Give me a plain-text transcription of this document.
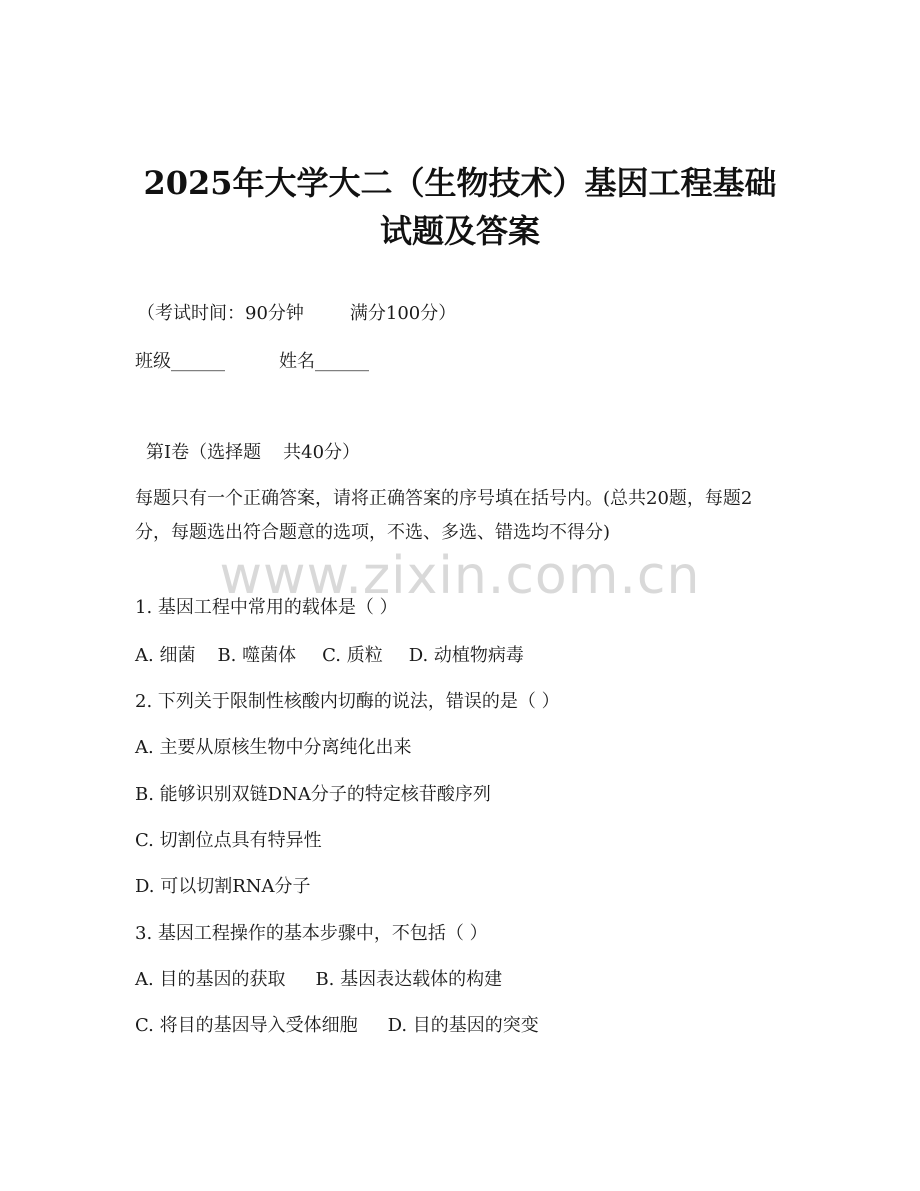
www.zixin.com.cn
2025年大学大二（生物技术）基因工程基础
试题及答案
（考试时间：90分钟	满分100分）
班级______	姓名______
第I卷（选择题 共40分）
每题只有一个正确答案，请将正确答案的序号填在括号内。(总共20题，每题2分，每题选出符合题意的选项，不选、多选、错选均不得分)
1. 基因工程中常用的载体是（ ）
A. 细菌 B. 噬菌体 C. 质粒 D. 动植物病毒
2. 下列关于限制性核酸内切酶的说法，错误的是（ ）
A. 主要从原核生物中分离纯化出来
B. 能够识别双链DNA分子的特定核苷酸序列
C. 切割位点具有特异性
D. 可以切割RNA分子
3. 基因工程操作的基本步骤中，不包括（ ）
A. 目的基因的获取 B. 基因表达载体的构建
C. 将目的基因导入受体细胞 D. 目的基因的突变
